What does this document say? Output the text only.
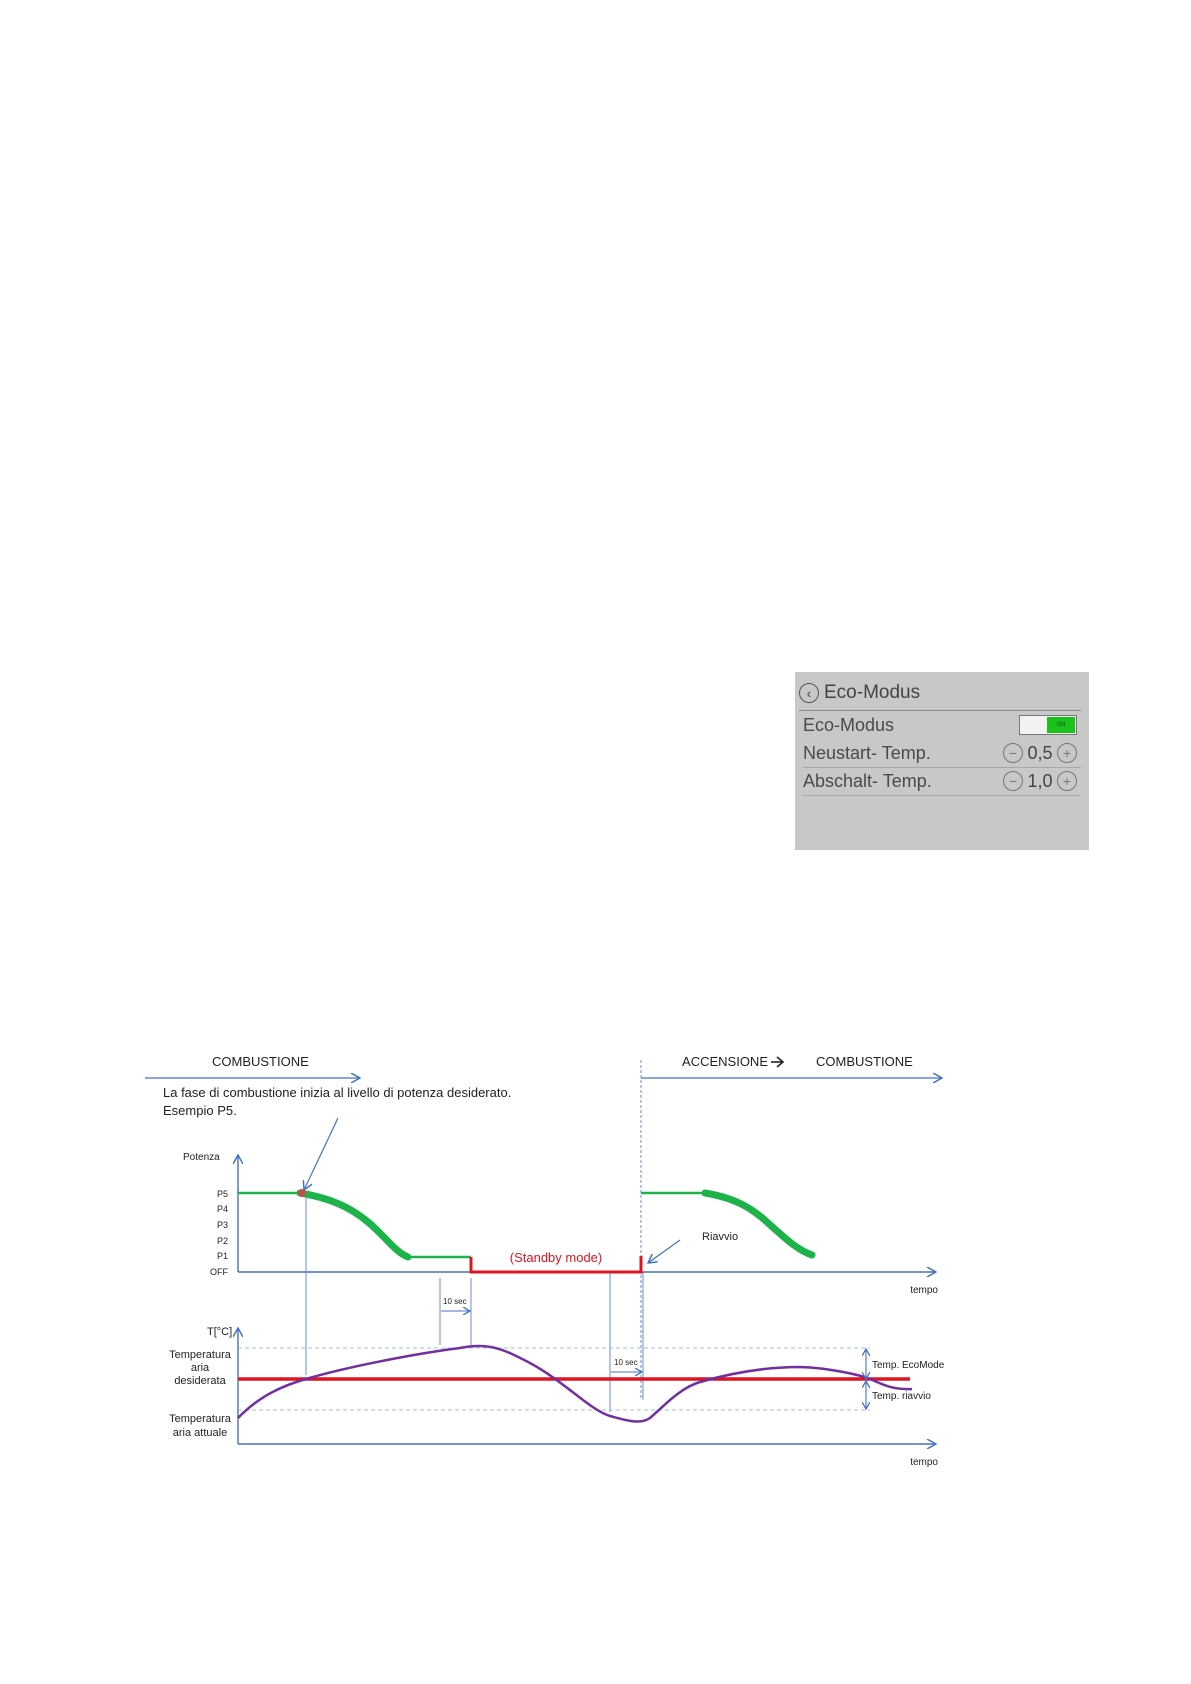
‹ Eco-Modus
Eco-Modus	ON
Neustart- Temp.	− 0,5 +
Abschalt- Temp.	− 1,0 +
COMBUSTIONE	ACCENSIONE	COMBUSTIONE
La fase di combustione inizia al livello di potenza desiderato.
Esempio P5.
Potenza
P5
P4
P3
P2
P1
OFF
tempo
(Standby mode)
Riavvio
10 sec
10 sec
T[°C]
tempo
Temperatura
aria
desiderata
Temperatura
aria attuale
Temp. EcoMode
Temp. riavvio
